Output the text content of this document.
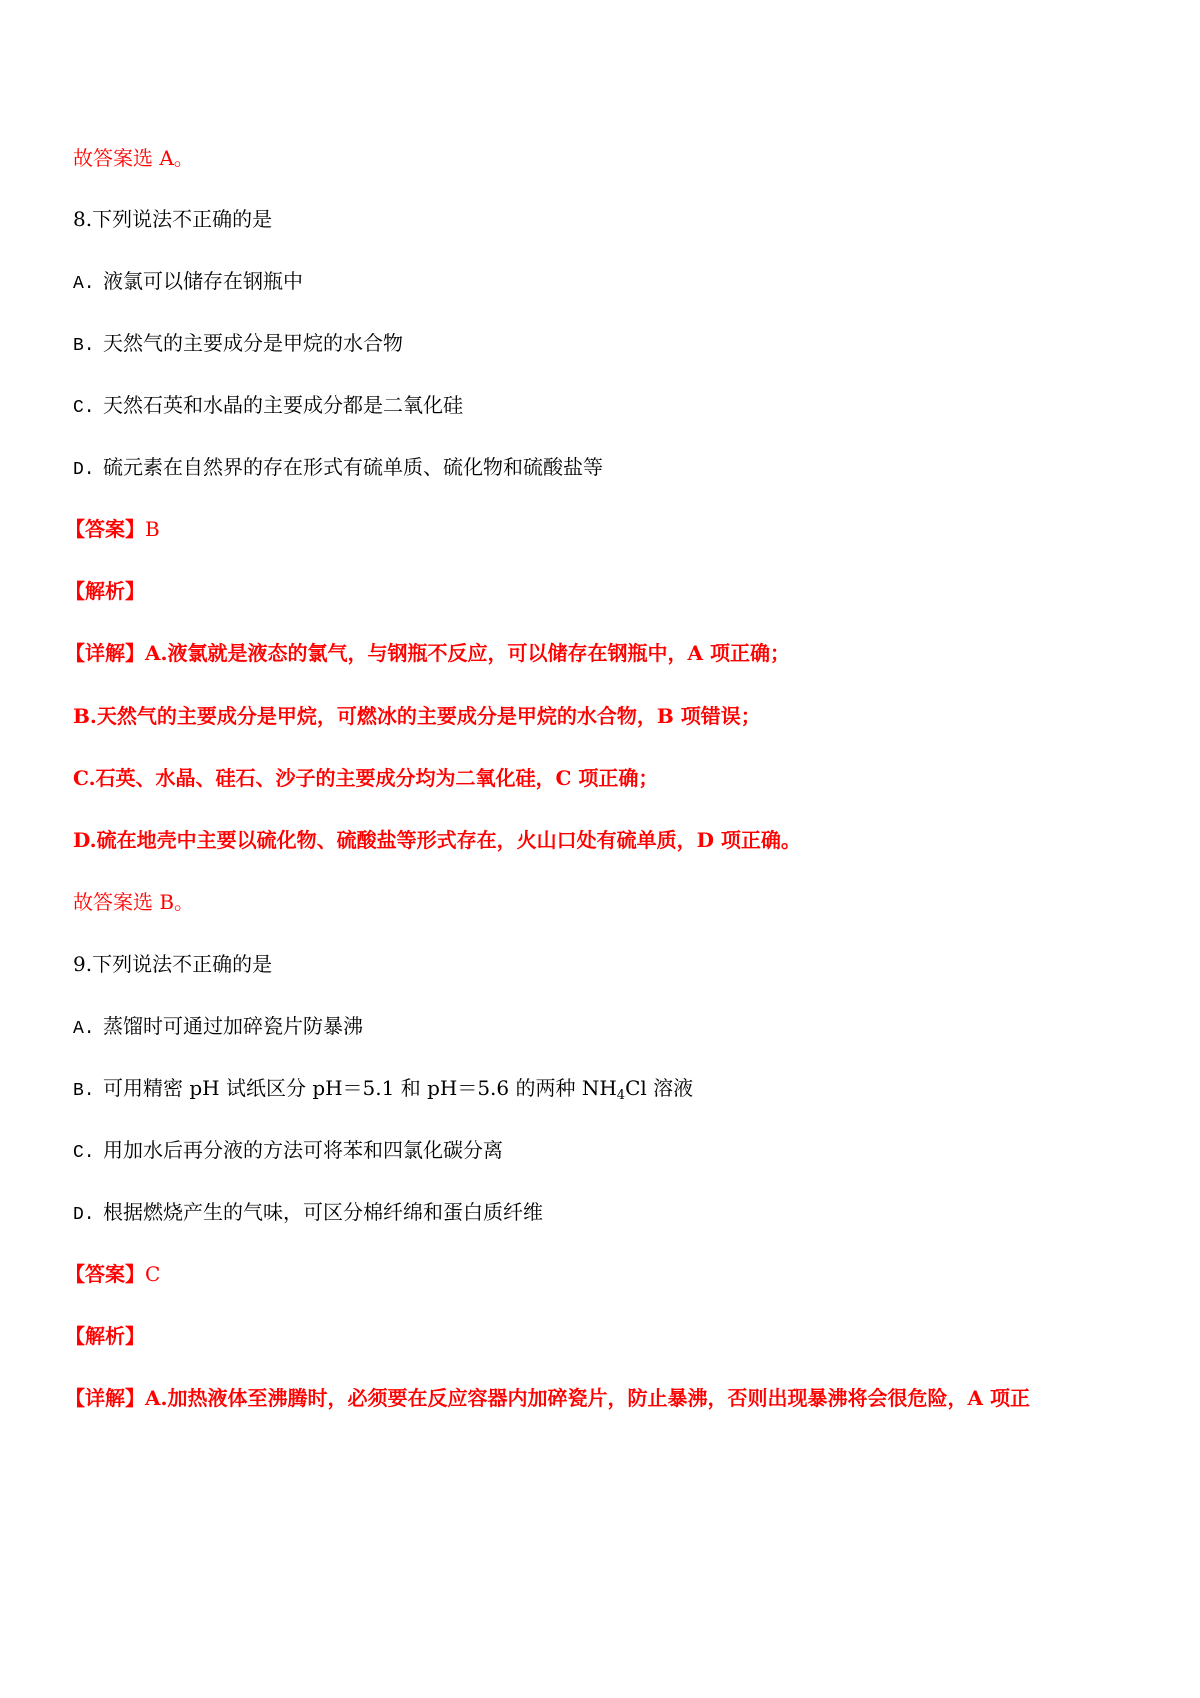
故答案选 A。
8.下列说法不正确的是
A. 液氯可以储存在钢瓶中
B. 天然气的主要成分是甲烷的水合物
C. 天然石英和水晶的主要成分都是二氧化硅
D. 硫元素在自然界的存在形式有硫单质、硫化物和硫酸盐等
【答案】B
【解析】
【详解】A.液氯就是液态的氯气，与钢瓶不反应，可以储存在钢瓶中，A 项正确；
B.天然气的主要成分是甲烷，可燃冰的主要成分是甲烷的水合物，B 项错误；
C.石英、水晶、硅石、沙子的主要成分均为二氧化硅，C 项正确；
D.硫在地壳中主要以硫化物、硫酸盐等形式存在，火山口处有硫单质，D 项正确。
故答案选 B。
9.下列说法不正确的是
A. 蒸馏时可通过加碎瓷片防暴沸
B. 可用精密 pH 试纸区分 pH＝5.1 和 pH＝5.6 的两种 $NH_4Cl$ 溶液
C. 用加水后再分液的方法可将苯和四氯化碳分离
D. 根据燃烧产生的气味，可区分棉纤绵和蛋白质纤维
【答案】C
【解析】
【详解】A.加热液体至沸腾时，必须要在反应容器内加碎瓷片，防止暴沸，否则出现暴沸将会很危险，A 项正
